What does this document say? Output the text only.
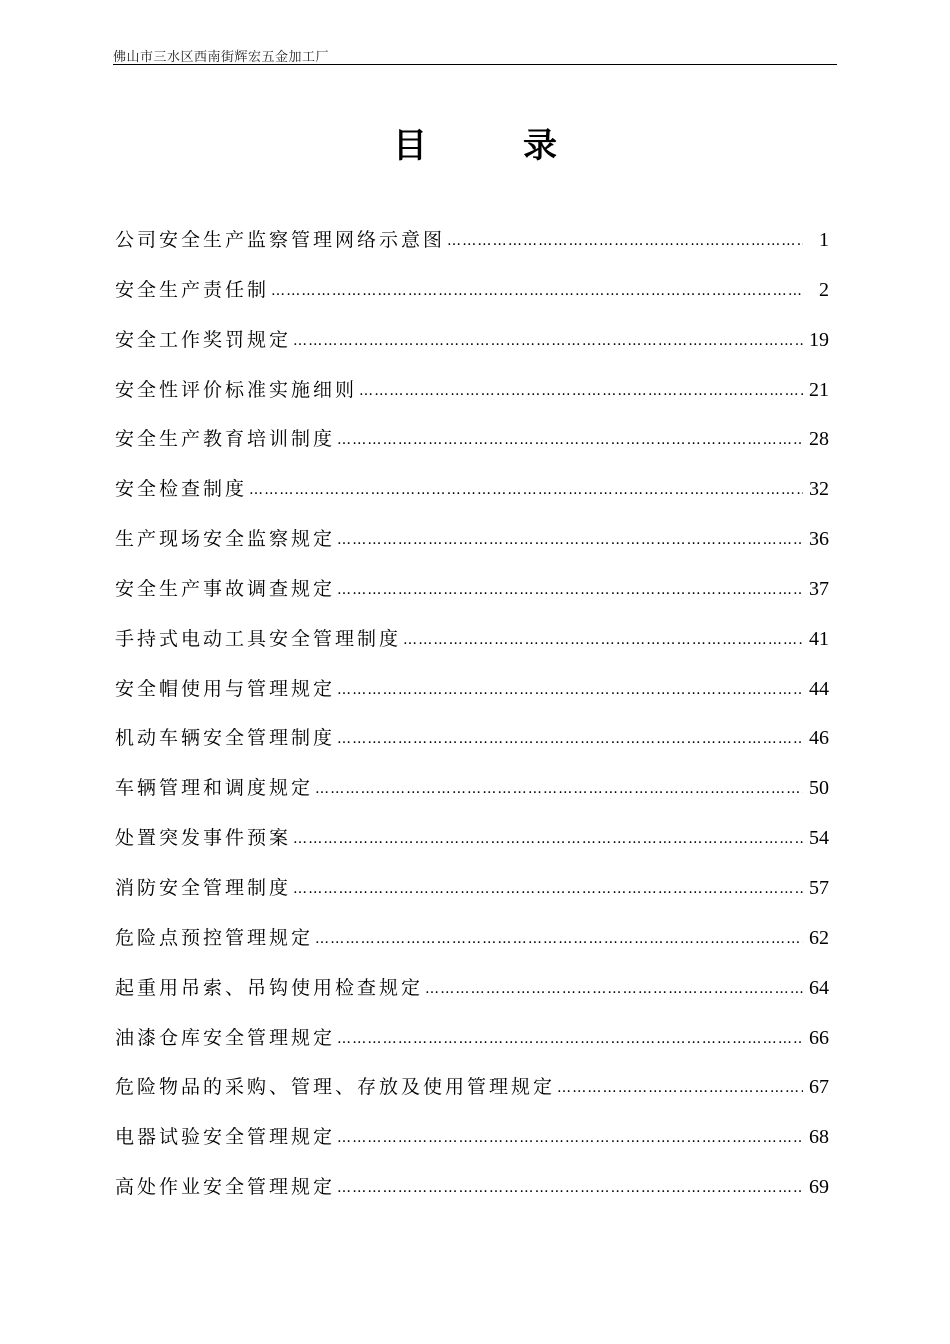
佛山市三水区西南街辉宏五金加工厂
目	录
公司安全生产监察管理网络示意图 …………………………………………………………………………………………………………………………………	1
安全生产责任制 …………………………………………………………………………………………………………………………………	2
安全工作奖罚规定 …………………………………………………………………………………………………………………………………	19
安全性评价标准实施细则 …………………………………………………………………………………………………………………………………	21
安全生产教育培训制度 …………………………………………………………………………………………………………………………………	28
安全检查制度 …………………………………………………………………………………………………………………………………	32
生产现场安全监察规定 …………………………………………………………………………………………………………………………………	36
安全生产事故调查规定 …………………………………………………………………………………………………………………………………	37
手持式电动工具安全管理制度 …………………………………………………………………………………………………………………………………	41
安全帽使用与管理规定 …………………………………………………………………………………………………………………………………	44
机动车辆安全管理制度 …………………………………………………………………………………………………………………………………	46
车辆管理和调度规定 …………………………………………………………………………………………………………………………………	50
处置突发事件预案 …………………………………………………………………………………………………………………………………	54
消防安全管理制度 …………………………………………………………………………………………………………………………………	57
危险点预控管理规定 …………………………………………………………………………………………………………………………………	62
起重用吊索、吊钩使用检查规定 …………………………………………………………………………………………………………………………………	64
油漆仓库安全管理规定 …………………………………………………………………………………………………………………………………	66
危险物品的采购、管理、存放及使用管理规定 …………………………………………………………………………………………………………………………………	67
电器试验安全管理规定 …………………………………………………………………………………………………………………………………	68
高处作业安全管理规定 …………………………………………………………………………………………………………………………………	69
